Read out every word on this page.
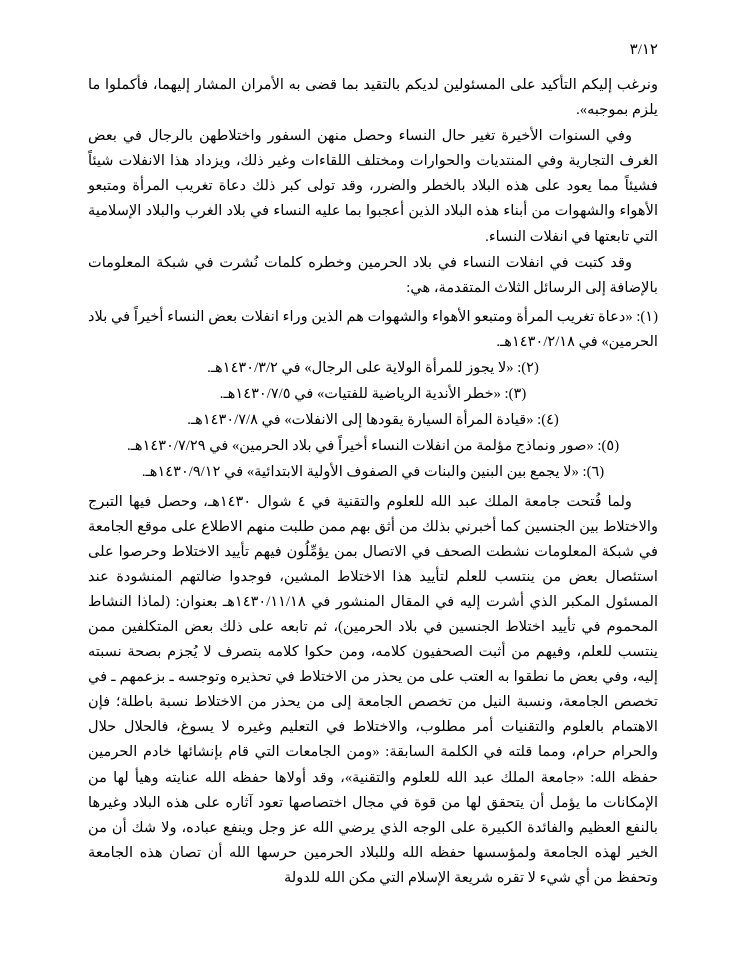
٣/١٢

ونرغب إليكم التأكيد على المسئولين لديكم بالتقيد بما قضى به الأمران المشار إليهما، فأكملوا ما يلزم بموجبه».

وفي السنوات الأخيرة تغير حال النساء وحصل منهن السفور واختلاطهن بالرجال في بعض الغرف التجارية وفي المنتديات والحوارات ومختلف اللقاءات وغير ذلك، ويزداد هذا الانفلات شيئاً فشيئاً مما يعود على هذه البلاد بالخطر والضرر، وقد تولى كبر ذلك دعاة تغريب المرأة ومتبعو الأهواء والشهوات من أبناء هذه البلاد الذين أعجبوا بما عليه النساء في بلاد الغرب والبلاد الإسلامية التي تابعتها في انفلات النساء.

وقد كتبت في انفلات النساء في بلاد الحرمين وخطره كلمات نُشرت في شبكة المعلومات بالإضافة إلى الرسائل الثلاث المتقدمة، هي:

(١): «دعاة تغريب المرأة ومتبعو الأهواء والشهوات هم الذين وراء انفلات بعض النساء أخيراً في بلاد الحرمين» في ١٤٣٠/٢/١٨هـ.

(٢): «لا يجوز للمرأة الولاية على الرجال» في ١٤٣٠/٣/٢هـ.

(٣): «خطر الأندية الرياضية للفتيات» في ١٤٣٠/٧/٥هـ.

(٤): «قيادة المرأة السيارة يقودها إلى الانفلات» في ١٤٣٠/٧/٨هـ.

(٥): «صور ونماذج مؤلمة من انفلات النساء أخيراً في بلاد الحرمين» في ١٤٣٠/٧/٢٩هـ.

(٦): «لا يجمع بين البنين والبنات في الصفوف الأولية الابتدائية» في ١٤٣٠/٩/١٢هـ.

ولما فُتحت جامعة الملك عبد الله للعلوم والتقنية في ٤ شوال ١٤٣٠هـ، وحصل فيها التبرج والاختلاط بين الجنسين كما أخبرني بذلك من أثق بهم ممن طلبت منهم الاطلاع على موقع الجامعة في شبكة المعلومات نشطت الصحف في الاتصال بمن يؤمِّلُون فيهم تأييد الاختلاط وحرصوا على استئصال بعض من ينتسب للعلم لتأييد هذا الاختلاط المشين، فوجدوا ضالتهم المنشودة عند المسئول المكبر الذي أشرت إليه في المقال المنشور في ١٤٣٠/١١/١٨هـ بعنوان: (لماذا النشاط المحموم في تأييد اختلاط الجنسين في بلاد الحرمين)، ثم تابعه على ذلك بعض المتكلفين ممن ينتسب للعلم، وفيهم من أثبت الصحفيون كلامه، ومن حكوا كلامه بتصرف لا يُجزم بصحة نسبته إليه، وفي بعض ما نطقوا به العتب على من يحذر من الاختلاط في تحذيره وتوجسه ـ بزعمهم ـ في تخصص الجامعة، ونسبة النيل من تخصص الجامعة إلى من يحذر من الاختلاط نسبة باطلة؛ فإن الاهتمام بالعلوم والتقنيات أمر مطلوب، والاختلاط في التعليم وغيره لا يسوغ، فالحلال حلال والحرام حرام، ومما قلته في الكلمة السابقة: «ومن الجامعات التي قام بإنشائها خادم الحرمين حفظه الله: «جامعة الملك عبد الله للعلوم والتقنية»، وقد أولاها حفظه الله عنايته وهيأ لها من الإمكانات ما يؤمل أن يتحقق لها من قوة في مجال اختصاصها تعود آثاره على هذه البلاد وغيرها بالنفع العظيم والفائدة الكبيرة على الوجه الذي يرضي الله عز وجل وينفع عباده، ولا شك أن من الخير لهذه الجامعة ولمؤسسها حفظه الله وللبلاد الحرمين حرسها الله أن تصان هذه الجامعة وتحفظ من أي شيء لا تقره شريعة الإسلام التي مكن الله للدولة
